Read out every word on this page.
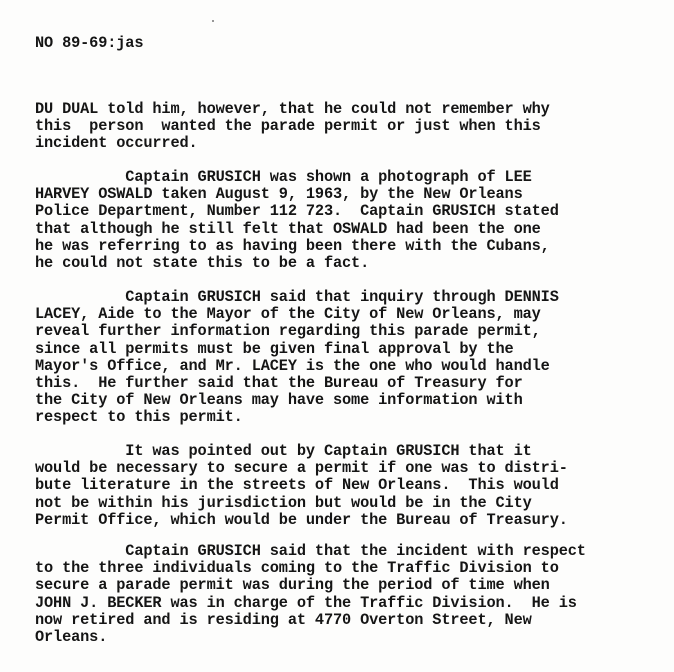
NO 89-69:jas
DU DUAL told him, however, that he could not remember why
this  person  wanted the parade permit or just when this
incident occurred.
Captain GRUSICH was shown a photograph of LEE
HARVEY OSWALD taken August 9, 1963, by the New Orleans
Police Department, Number 112 723.  Captain GRUSICH stated
that although he still felt that OSWALD had been the one
he was referring to as having been there with the Cubans,
he could not state this to be a fact.
Captain GRUSICH said that inquiry through DENNIS
LACEY, Aide to the Mayor of the City of New Orleans, may
reveal further information regarding this parade permit,
since all permits must be given final approval by the
Mayor's Office, and Mr. LACEY is the one who would handle
this.  He further said that the Bureau of Treasury for
the City of New Orleans may have some information with
respect to this permit.
It was pointed out by Captain GRUSICH that it
would be necessary to secure a permit if one was to distri-
bute literature in the streets of New Orleans.  This would
not be within his jurisdiction but would be in the City
Permit Office, which would be under the Bureau of Treasury.
Captain GRUSICH said that the incident with respect
to the three individuals coming to the Traffic Division to
secure a parade permit was during the period of time when
JOHN J. BECKER was in charge of the Traffic Division.  He is
now retired and is residing at 4770 Overton Street, New
Orleans.
